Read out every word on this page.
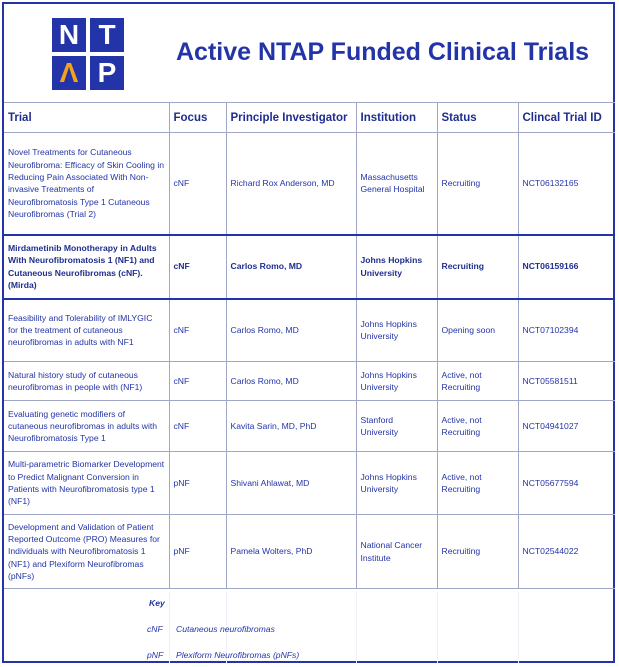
N T
Λ P
Active NTAP Funded Clinical Trials
Trial	Focus	Principle Investigator	Institution	Status	Clincal Trial ID
Novel Treatments for Cutaneous Neurofibroma: Efficacy of Skin Cooling in Reducing Pain Associated With Non-invasive Treatments of Neurofibromatosis Type 1 Cutaneous Neurofibromas (Trial 2)	cNF	Richard Rox Anderson, MD	Massachusetts General Hospital	Recruiting	NCT06132165
Mirdametinib Monotherapy in Adults With Neurofibromatosis 1 (NF1) and Cutaneous Neurofibromas (cNF). (Mirda)	cNF	Carlos Romo, MD	Johns Hopkins University	Recruiting	NCT06159166
Feasibility and Tolerability of IMLYGIC for the treatment of cutaneous neurofibromas in adults with NF1	cNF	Carlos Romo, MD	Johns Hopkins University	Opening soon	NCT07102394
Natural history study of cutaneous neurofibromas in people with (NF1)	cNF	Carlos Romo, MD	Johns Hopkins University	Active, not Recruiting	NCT05581511
Evaluating genetic modifiers of cutaneous neurofibromas in adults with Neurofibromatosis Type 1	cNF	Kavita Sarin, MD, PhD	Stanford University	Active, not Recruiting	NCT04941027
Multi-parametric Biomarker Development to Predict Malignant Conversion in Patients with Neurofibromatosis type 1 (NF1)	pNF	Shivani Ahlawat, MD	Johns Hopkins University	Active, not Recruiting	NCT05677594
Development and Validation of Patient Reported Outcome (PRO) Measures for Individuals with Neurofibromatosis 1 (NF1) and Plexiform Neurofibromas (pNFs)	pNF	Pamela Wolters, PhD	National Cancer Institute	Recruiting	NCT02544022
Key
cNF Cutaneous neurofibromas
pNF Plexiform Neurofibromas (pNFs)
